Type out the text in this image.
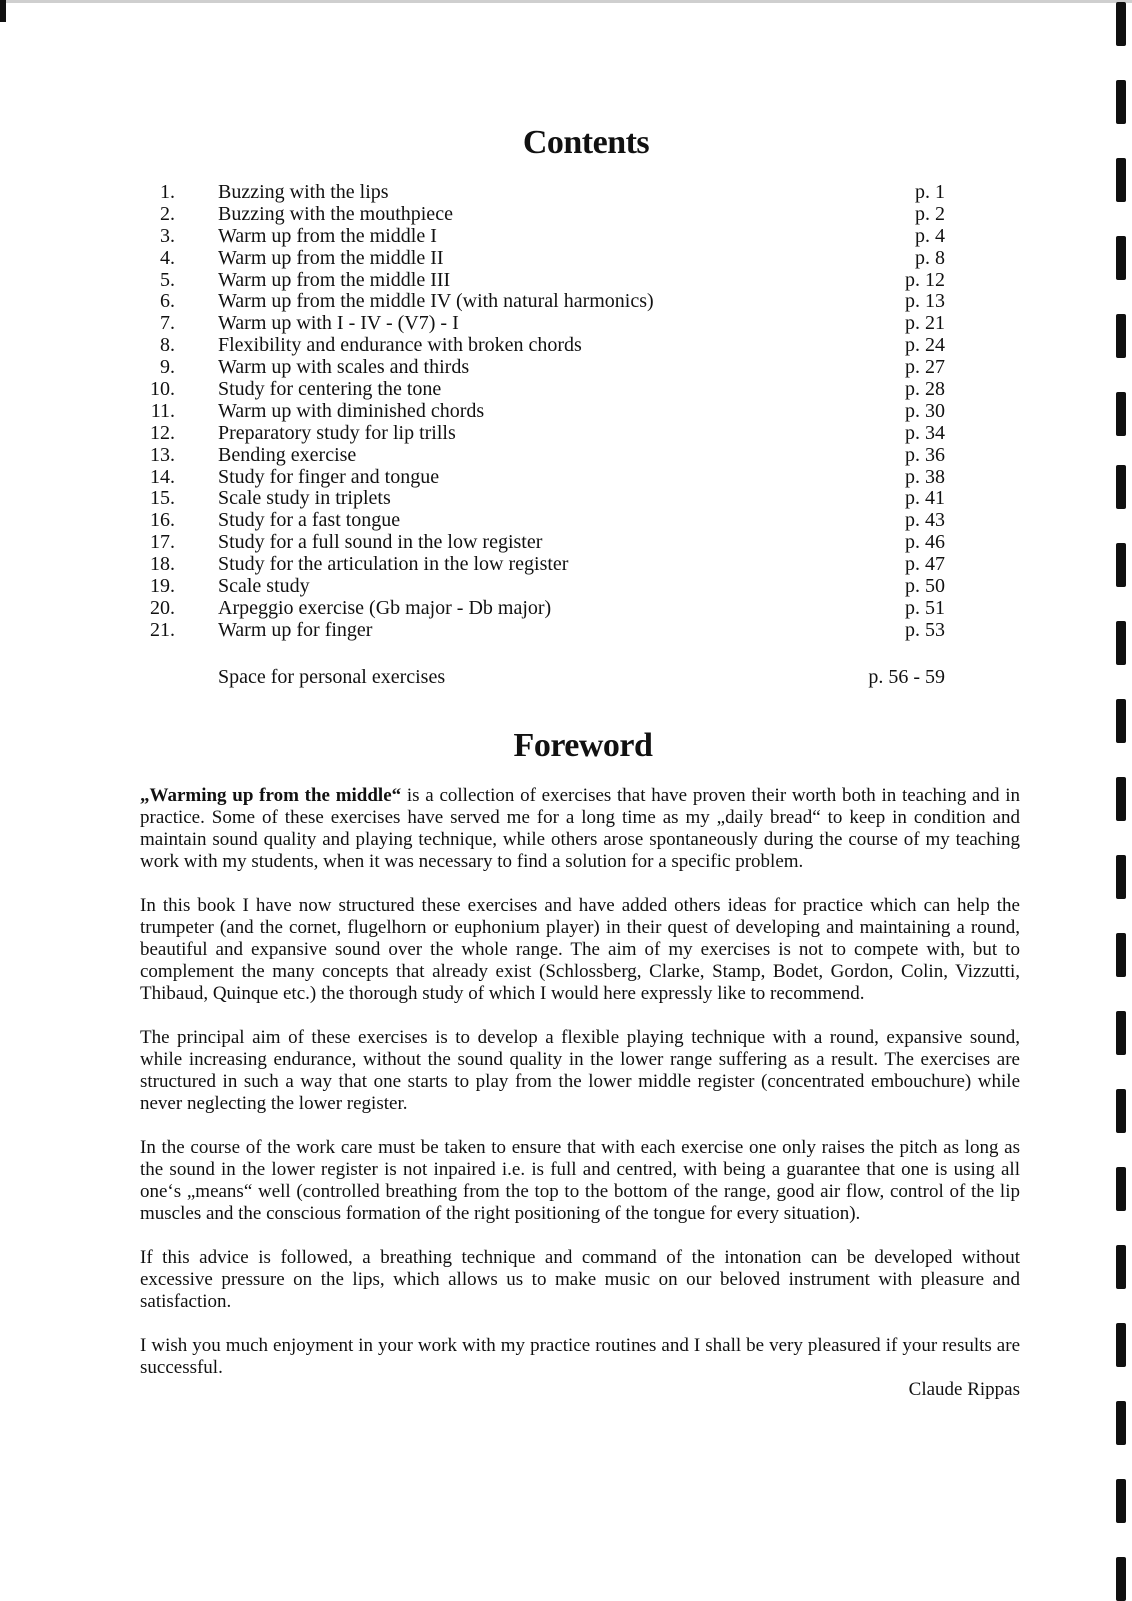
Contents
1. Buzzing with the lips	p. 1
2. Buzzing with the mouthpiece	p. 2
3. Warm up from the middle I	p. 4
4. Warm up from the middle II	p. 8
5. Warm up from the middle III	p. 12
6. Warm up from the middle IV (with natural harmonics)	p. 13
7. Warm up with I - IV - (V7) - I	p. 21
8. Flexibility and endurance with broken chords	p. 24
9. Warm up with scales and thirds	p. 27
10. Study for centering the tone	p. 28
11. Warm up with diminished chords	p. 30
12. Preparatory study for lip trills	p. 34
13. Bending exercise	p. 36
14. Study for finger and tongue	p. 38
15. Scale study in triplets	p. 41
16. Study for a fast tongue	p. 43
17. Study for a full sound in the low register	p. 46
18. Study for the articulation in the low register	p. 47
19. Scale study	p. 50
20. Arpeggio exercise (Gb major - Db major)	p. 51
21. Warm up for finger	p. 53
Space for personal exercises	p. 56 - 59
Foreword

„Warming up from the middle“ is a collection of exercises that have proven their worth both in teaching and in practice. Some of these exercises have served me for a long time as my „daily bread“ to keep in condition and maintain sound quality and playing technique, while others arose spontaneously during the course of my teaching work with my students, when it was necessary to find a solution for a specific problem.

In this book I have now structured these exercises and have added others ideas for practice which can help the trumpeter (and the cornet, flugelhorn or euphonium player) in their quest of developing and maintaining a round, beautiful and expansive sound over the whole range. The aim of my exercises is not to compete with, but to complement the many concepts that already exist (Schlossberg, Clarke, Stamp, Bodet, Gordon, Colin, Vizzutti, Thibaud, Quinque etc.) the thorough study of which I would here expressly like to recommend.

The principal aim of these exercises is to develop a flexible playing technique with a round, expansive sound, while increasing endurance, without the sound quality in the lower range suffering as a result. The exercises are structured in such a way that one starts to play from the lower middle register (concentrated embouchure) while never neglecting the lower register.

In the course of the work care must be taken to ensure that with each exercise one only raises the pitch as long as the sound in the lower register is not inpaired i.e. is full and centred, with being a guarantee that one is using all one‘s „means“ well (controlled breathing from the top to the bottom of the range, good air flow, control of the lip muscles and the conscious formation of the right positioning of the tongue for every situation).

If this advice is followed, a breathing technique and command of the intonation can be developed without excessive pressure on the lips, which allows us to make music on our beloved instrument with pleasure and satisfaction.

I wish you much enjoyment in your work with my practice routines and I shall be very pleasured if your results are successful.

Claude Rippas
